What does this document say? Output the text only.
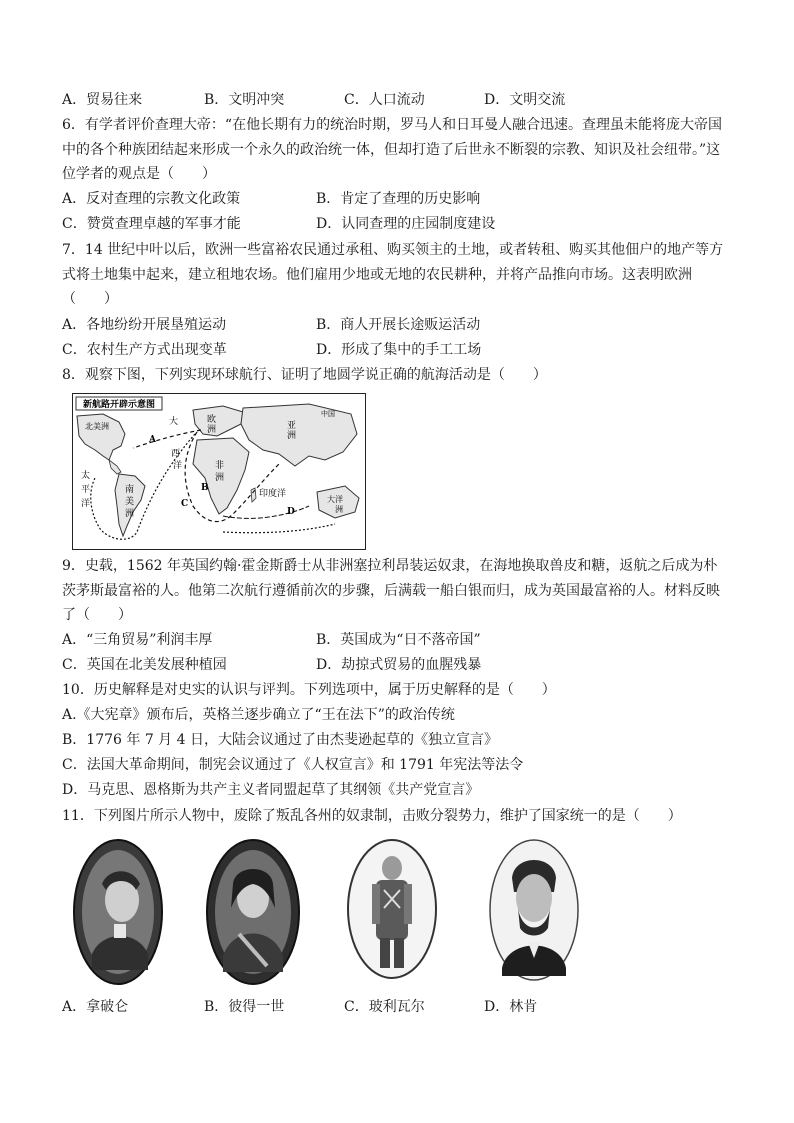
A．贸易往来	B．文明冲突	C．人口流动	D．文明交流
6．有学者评价查理大帝：“在他长期有力的统治时期，罗马人和日耳曼人融合迅速。查理虽未能将庞大帝国
中的各个种族团结起来形成一个永久的政治统一体，但却打造了后世永不断裂的宗教、知识及社会纽带。”这
位学者的观点是（　　）
A．反对查理的宗教文化政策	B．肯定了查理的历史影响
C．赞赏查理卓越的军事才能	D．认同查理的庄园制度建设
7．14 世纪中叶以后，欧洲一些富裕农民通过承租、购买领主的土地，或者转租、购买其他佃户的地产等方
式将土地集中起来，建立租地农场。他们雇用少地或无地的农民耕种，并将产品推向市场。这表明欧洲
（　　）
A．各地纷纷开展垦殖运动	B．商人开展长途贩运活动
C．农村生产方式出现变革	D．形成了集中的手工工场
8．观察下图，下列实现环球航行、证明了地圆学说正确的航海活动是（　　）
新航路开辟示意图
北美洲	大
西
洋
欧
洲	亚
洲
中国
非
洲
南
美
洲
太
平
洋
印度洋
大洋
洲
A
B
C
D
9．史载，1562 年英国约翰·霍金斯爵士从非洲塞拉利昂装运奴隶，在海地换取兽皮和糖，返航之后成为朴
茨茅斯最富裕的人。他第二次航行遵循前次的步骤，后满载一船白银而归，成为英国最富裕的人。材料反映
了（　　）
A．“三角贸易”利润丰厚	B．英国成为“日不落帝国”
C．英国在北美发展种植园	D．劫掠式贸易的血腥残暴
10．历史解释是对史实的认识与评判。下列选项中，属于历史解释的是（　　）
A.《大宪章》颁布后，英格兰逐步确立了“王在法下”的政治传统
B．1776 年 7 月 4 日，大陆会议通过了由杰斐逊起草的《独立宣言》
C．法国大革命期间，制宪会议通过了《人权宣言》和 1791 年宪法等法令
D．马克思、恩格斯为共产主义者同盟起草了其纲领《共产党宣言》
11．下列图片所示人物中，废除了叛乱各州的奴隶制，击败分裂势力，维护了国家统一的是（　　）
A．拿破仑	B．彼得一世	C．玻利瓦尔	D．林肯
